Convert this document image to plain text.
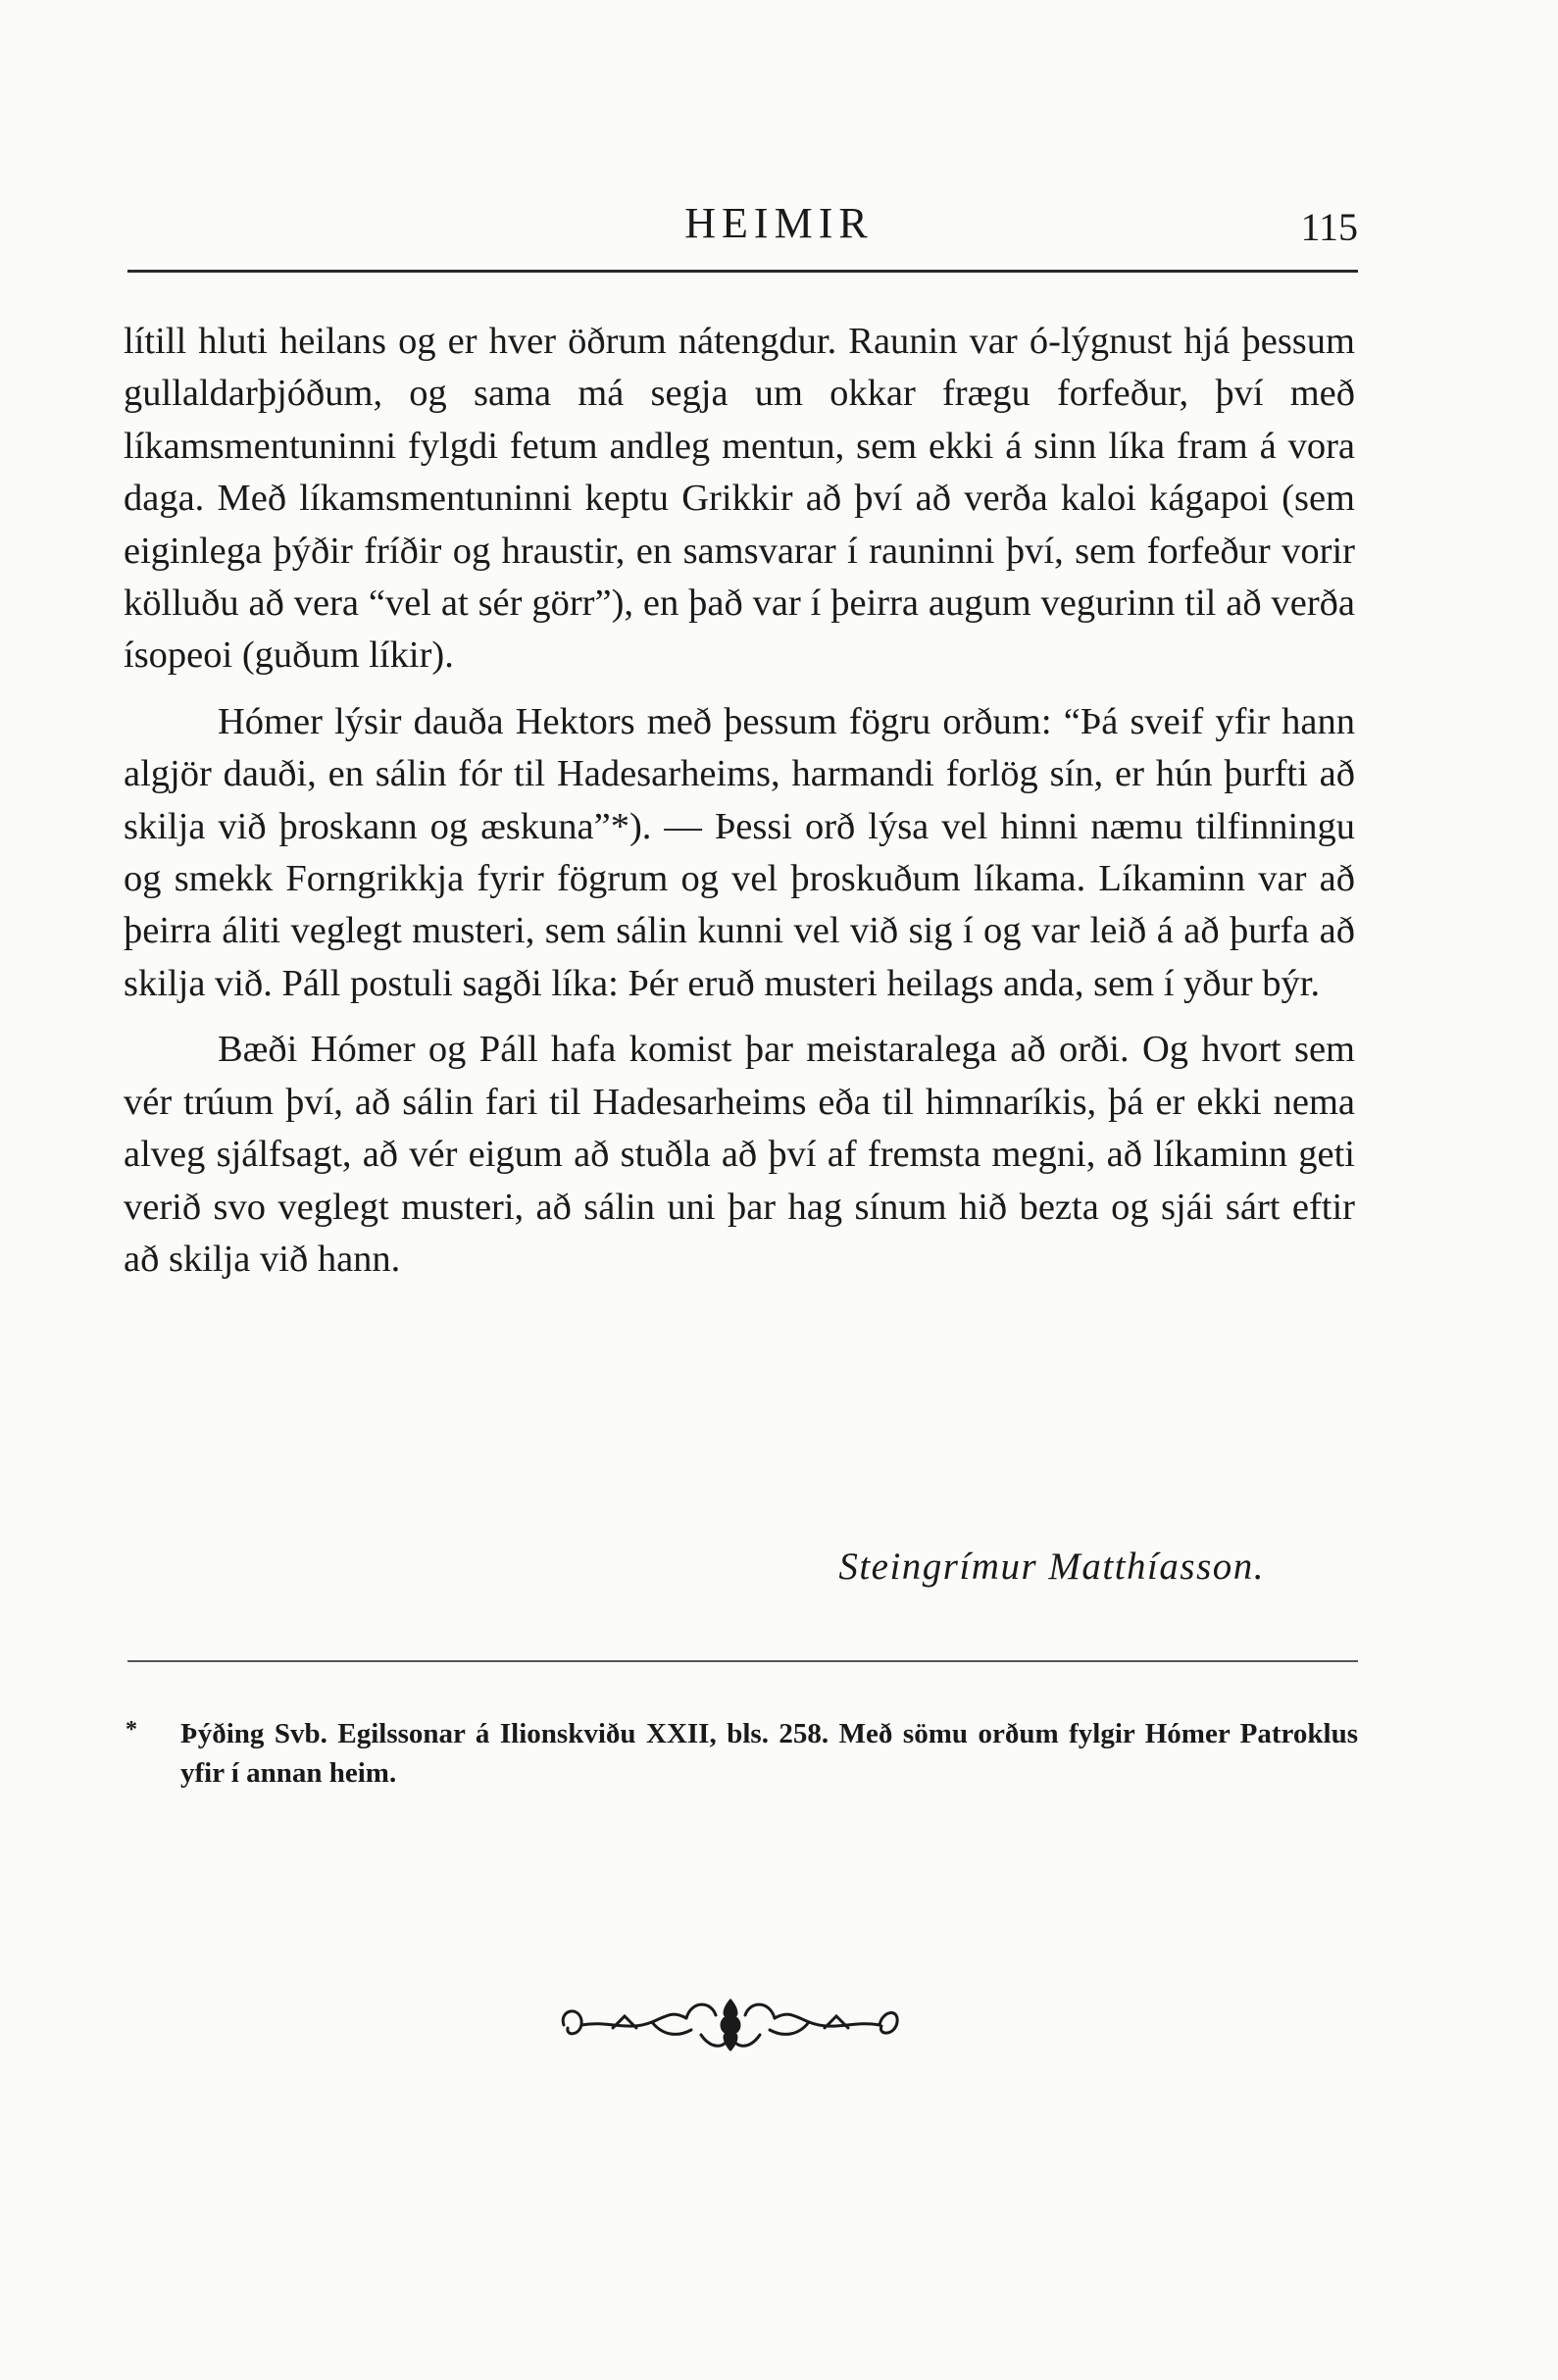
HEIMIR	115

lítill hluti heilans og er hver öðrum nátengdur. Raunin var ó-lýgnust hjá þessum gullaldarþjóðum, og sama má segja um okkar frægu forfeður, því með líkamsmentuninni fylgdi fetum andleg mentun, sem ekki á sinn líka fram á vora daga. Með líkamsmentuninni keptu Grikkir að því að verða kaloi kágapoi (sem eiginlega þýðir fríðir og hraustir, en samsvarar í rauninni því, sem forfeður vorir kölluðu að vera “vel at sér görr”), en það var í þeirra augum vegurinn til að verða ísopeoi (guðum líkir).

Hómer lýsir dauða Hektors með þessum fögru orðum: “Þá sveif yfir hann algjör dauði, en sálin fór til Hadesarheims, harmandi forlög sín, er hún þurfti að skilja við þroskann og æskuna”*). — Þessi orð lýsa vel hinni næmu tilfinningu og smekk Forngrikkja fyrir fögrum og vel þroskuðum líkama. Líkaminn var að þeirra áliti veglegt musteri, sem sálin kunni vel við sig í og var leið á að þurfa að skilja við. Páll postuli sagði líka: Þér eruð musteri heilags anda, sem í yður býr.

Bæði Hómer og Páll hafa komist þar meistaralega að orði. Og hvort sem vér trúum því, að sálin fari til Hadesarheims eða til himnaríkis, þá er ekki nema alveg sjálfsagt, að vér eigum að stuðla að því af fremsta megni, að líkaminn geti verið svo veglegt musteri, að sálin uni þar hag sínum hið bezta og sjái sárt eftir að skilja við hann.

Steingrímur Matthíasson.
*	Þýðing Svb. Egilssonar á Ilionskviðu XXII, bls. 258. Með sömu orðum fylgir Hómer Patroklus yfir í annan heim.
